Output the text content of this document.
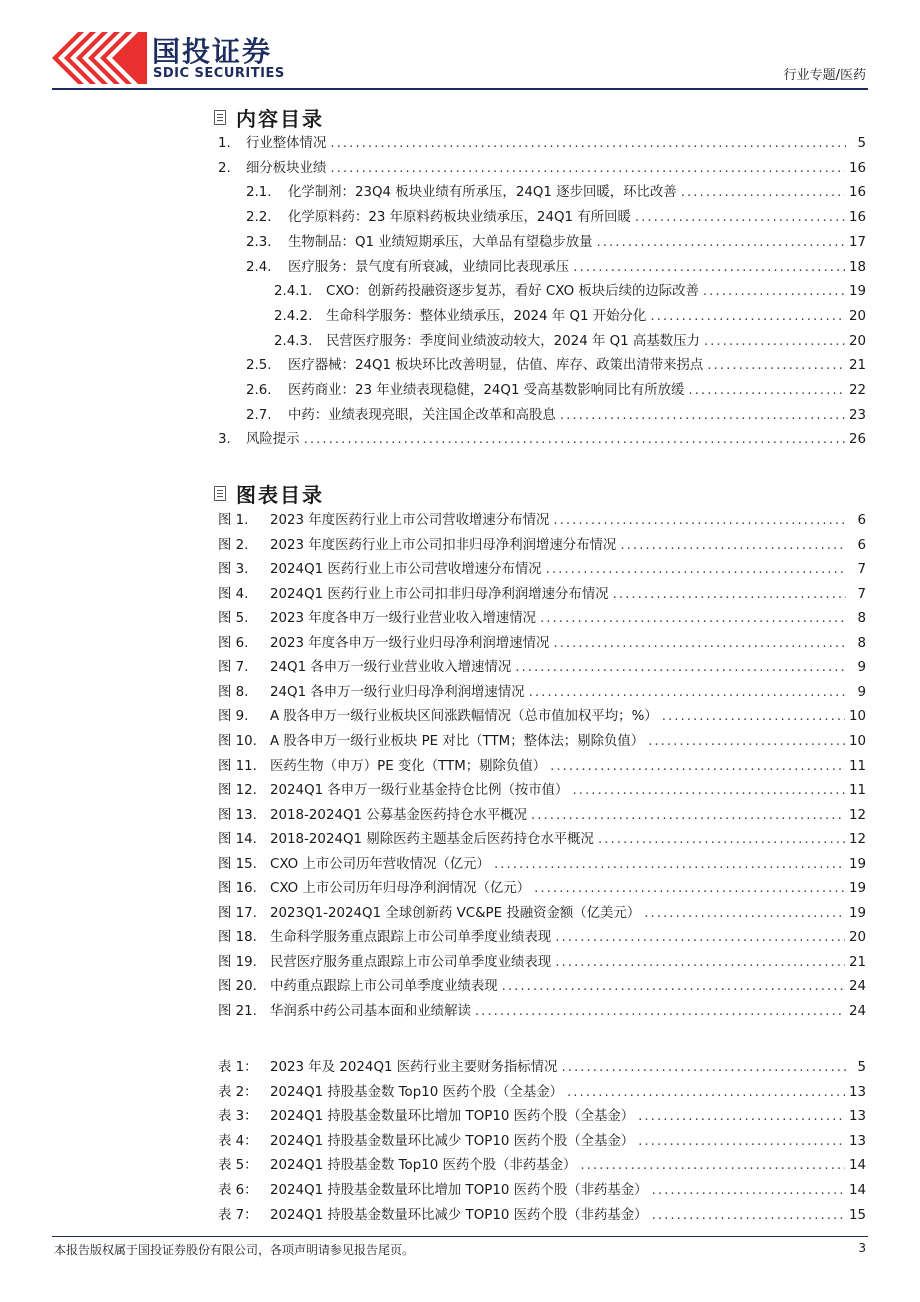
国投证券
SDIC SECURITIES	行业专题/医药
内容目录
1.	行业整体情况 .....	5
2.	细分板块业绩 .....	16
2.1.	化学制剂：23Q4 板块业绩有所承压，24Q1 逐步回暖，环比改善 .....	16
2.2.	化学原料药：23 年原料药板块业绩承压，24Q1 有所回暖 .....	16
2.3.	生物制品：Q1 业绩短期承压，大单品有望稳步放量 .....	17
2.4.	医疗服务：景气度有所衰减，业绩同比表现承压 .....	18
2.4.1.	CXO：创新药投融资逐步复苏，看好 CXO 板块后续的边际改善 .....	19
2.4.2.	生命科学服务：整体业绩承压，2024 年 Q1 开始分化 .....	20
2.4.3.	民营医疗服务：季度间业绩波动较大，2024 年 Q1 高基数压力 .....	20
2.5.	医疗器械：24Q1 板块环比改善明显，估值、库存、政策出清带来拐点 .....	21
2.6.	医药商业：23 年业绩表现稳健，24Q1 受高基数影响同比有所放缓 .....	22
2.7.	中药：业绩表现亮眼，关注国企改革和高股息 .....	23
3.	风险提示 .....	26
图表目录
图 1.	2023 年度医药行业上市公司营收增速分布情况 .....	6
图 2.	2023 年度医药行业上市公司扣非归母净利润增速分布情况 .....	6
图 3.	2024Q1 医药行业上市公司营收增速分布情况 .....	7
图 4.	2024Q1 医药行业上市公司扣非归母净利润增速分布情况 .....	7
图 5.	2023 年度各申万一级行业营业收入增速情况 .....	8
图 6.	2023 年度各申万一级行业归母净利润增速情况 .....	8
图 7.	24Q1 各申万一级行业营业收入增速情况 .....	9
图 8.	24Q1 各申万一级行业归母净利润增速情况 .....	9
图 9.	A 股各申万一级行业板块区间涨跌幅情况（总市值加权平均；%） .....	10
图 10. A 股各申万一级行业板块 PE 对比（TTM；整体法；剔除负值） .....	10
图 11. 医药生物（申万）PE 变化（TTM；剔除负值） .....	11
图 12. 2024Q1 各申万一级行业基金持仓比例（按市值） .....	11
图 13. 2018-2024Q1 公募基金医药持仓水平概况 .....	12
图 14. 2018-2024Q1 剔除医药主题基金后医药持仓水平概况 .....	12
图 15. CXO 上市公司历年营收情况（亿元） .....	19
图 16. CXO 上市公司历年归母净利润情况（亿元） .....	19
图 17. 2023Q1-2024Q1 全球创新药 VC&PE 投融资金额（亿美元） .....	19
图 18. 生命科学服务重点跟踪上市公司单季度业绩表现 .....	20
图 19. 民营医疗服务重点跟踪上市公司单季度业绩表现 .....	21
图 20. 中药重点跟踪上市公司单季度业绩表现 .....	24
图 21. 华润系中药公司基本面和业绩解读 .....	24
表 1： 2023 年及 2024Q1 医药行业主要财务指标情况 .....	5
表 2： 2024Q1 持股基金数 Top10 医药个股（全基金） .....	13
表 3： 2024Q1 持股基金数量环比增加 TOP10 医药个股（全基金） .....	13
表 4： 2024Q1 持股基金数量环比减少 TOP10 医药个股（全基金） .....	13
表 5： 2024Q1 持股基金数 Top10 医药个股（非药基金） .....	14
表 6： 2024Q1 持股基金数量环比增加 TOP10 医药个股（非药基金） .....	14
表 7： 2024Q1 持股基金数量环比减少 TOP10 医药个股（非药基金） .....	15
本报告版权属于国投证券股份有限公司，各项声明请参见报告尾页。	3
